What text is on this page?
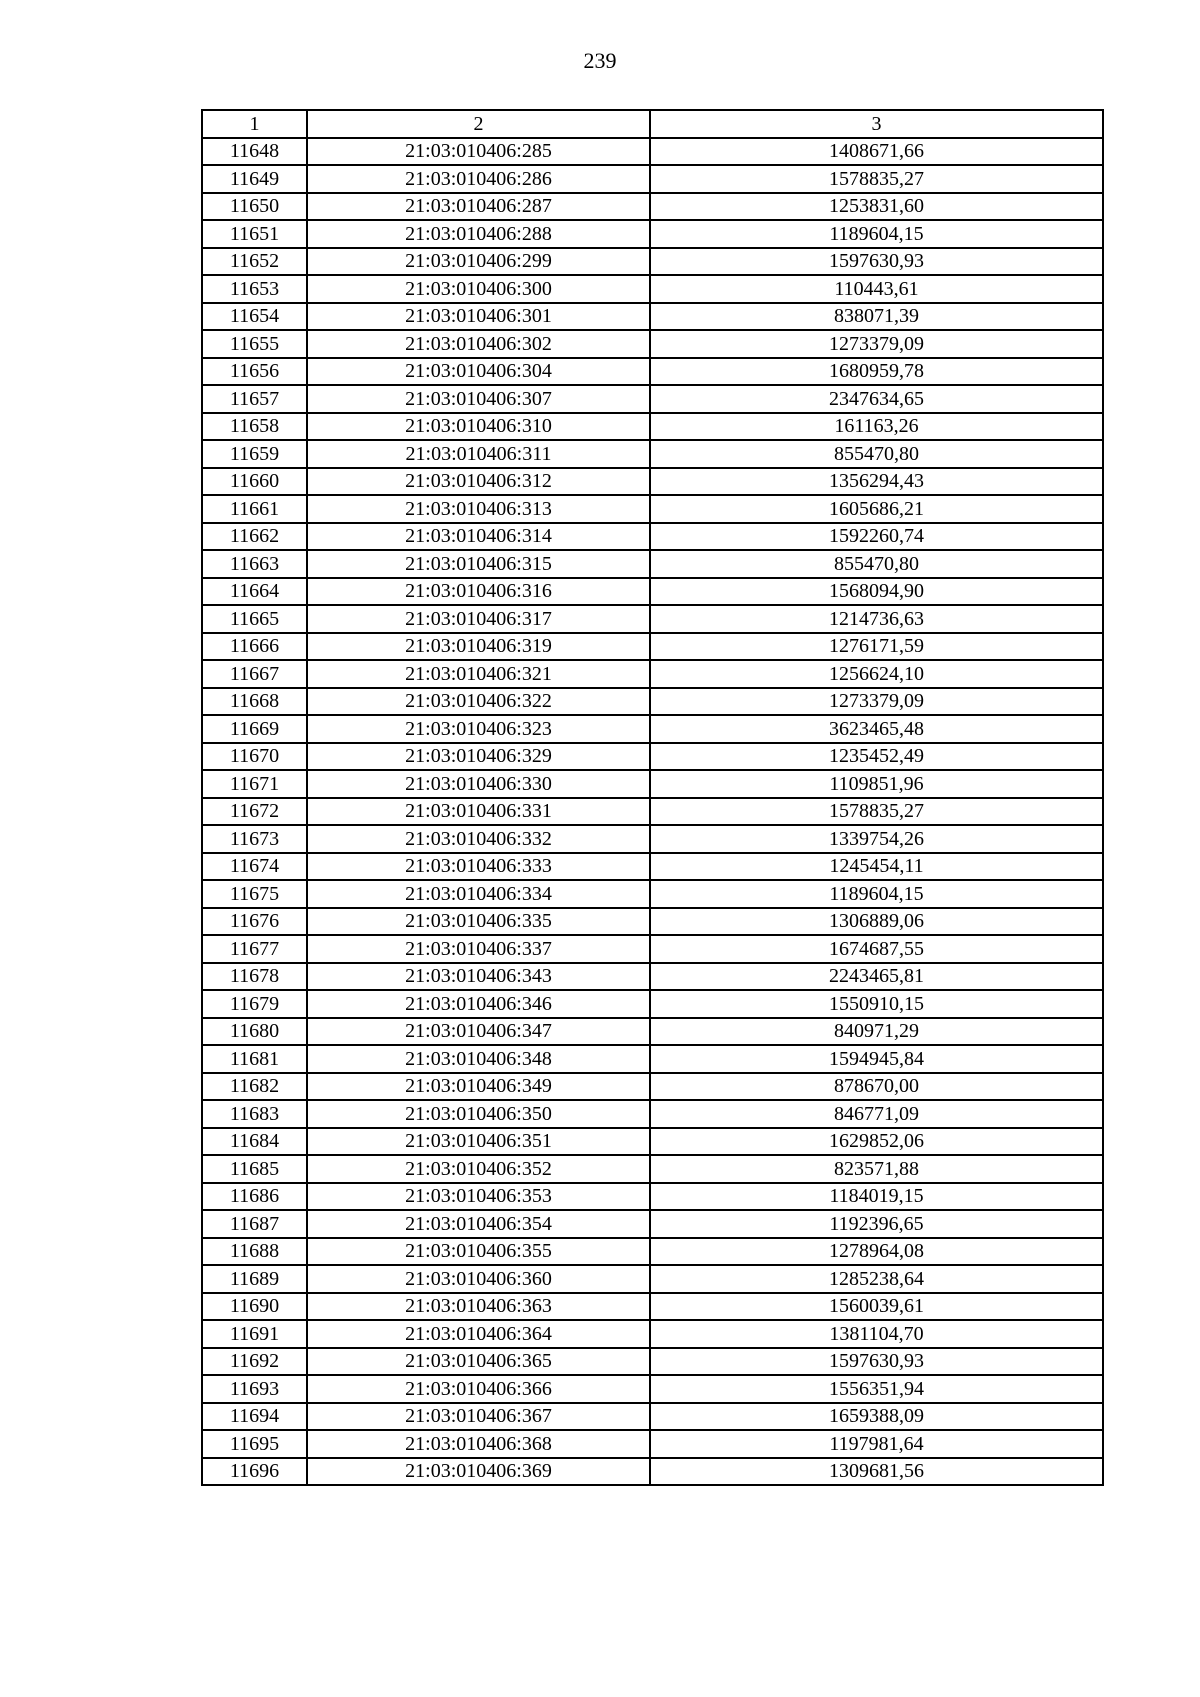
239
1	2	3
11648	21:03:010406:285	1408671,66
11649	21:03:010406:286	1578835,27
11650	21:03:010406:287	1253831,60
11651	21:03:010406:288	1189604,15
11652	21:03:010406:299	1597630,93
11653	21:03:010406:300	110443,61
11654	21:03:010406:301	838071,39
11655	21:03:010406:302	1273379,09
11656	21:03:010406:304	1680959,78
11657	21:03:010406:307	2347634,65
11658	21:03:010406:310	161163,26
11659	21:03:010406:311	855470,80
11660	21:03:010406:312	1356294,43
11661	21:03:010406:313	1605686,21
11662	21:03:010406:314	1592260,74
11663	21:03:010406:315	855470,80
11664	21:03:010406:316	1568094,90
11665	21:03:010406:317	1214736,63
11666	21:03:010406:319	1276171,59
11667	21:03:010406:321	1256624,10
11668	21:03:010406:322	1273379,09
11669	21:03:010406:323	3623465,48
11670	21:03:010406:329	1235452,49
11671	21:03:010406:330	1109851,96
11672	21:03:010406:331	1578835,27
11673	21:03:010406:332	1339754,26
11674	21:03:010406:333	1245454,11
11675	21:03:010406:334	1189604,15
11676	21:03:010406:335	1306889,06
11677	21:03:010406:337	1674687,55
11678	21:03:010406:343	2243465,81
11679	21:03:010406:346	1550910,15
11680	21:03:010406:347	840971,29
11681	21:03:010406:348	1594945,84
11682	21:03:010406:349	878670,00
11683	21:03:010406:350	846771,09
11684	21:03:010406:351	1629852,06
11685	21:03:010406:352	823571,88
11686	21:03:010406:353	1184019,15
11687	21:03:010406:354	1192396,65
11688	21:03:010406:355	1278964,08
11689	21:03:010406:360	1285238,64
11690	21:03:010406:363	1560039,61
11691	21:03:010406:364	1381104,70
11692	21:03:010406:365	1597630,93
11693	21:03:010406:366	1556351,94
11694	21:03:010406:367	1659388,09
11695	21:03:010406:368	1197981,64
11696	21:03:010406:369	1309681,56
